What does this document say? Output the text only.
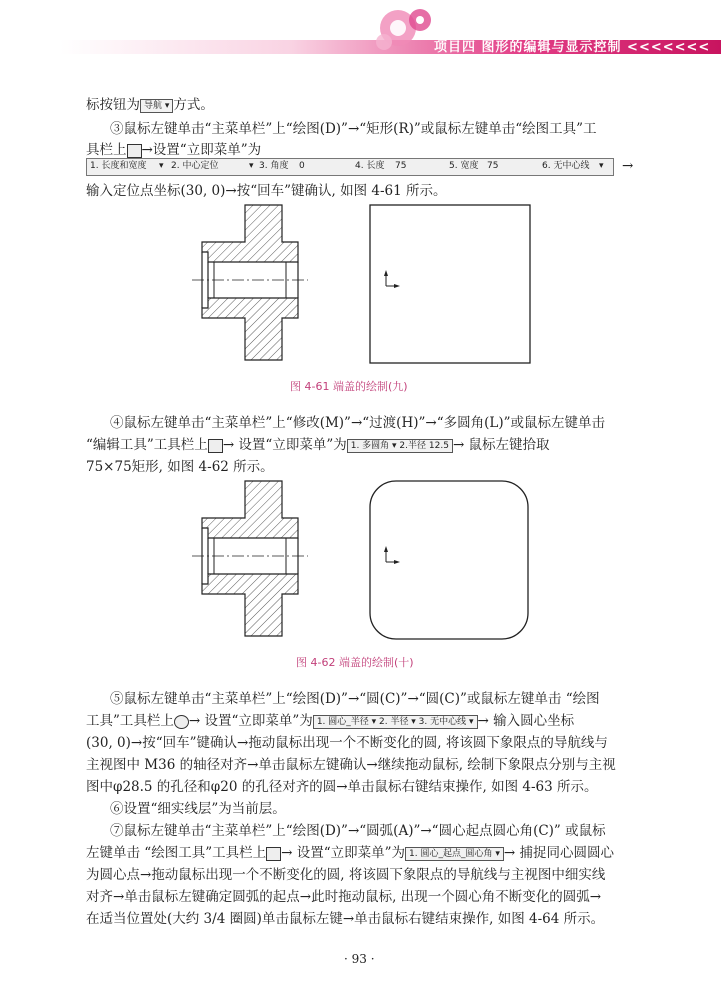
项目四 图形的编辑与显示控制 <<<<<<<

标按钮为 导航 ▾ 方式。

③鼠标左键单击“主菜单栏”上“绘图(D)”→“矩形(R)”或鼠标左键单击“绘图工具”工

具栏上 →设置“立即菜单”为

1. 长度和宽度 ▾ 2. 中心定位	▾ 3. 角度 0	4. 长度 75	5. 宽度 75	6. 无中心线 ▾ →

输入定位点坐标(30, 0)→按“回车”键确认, 如图 4-61 所示。

图 4-61 端盖的绘制(九)

④鼠标左键单击“主菜单栏”上“修改(M)”→“过渡(H)”→“多圆角(L)”或鼠标左键单击

“编辑工具”工具栏上 → 设置“立即菜单”为 1. 多圆角 ▾ 2.半径 12.5 → 鼠标左键拾取

75×75矩形, 如图 4-62 所示。

图 4-62 端盖的绘制(十)

⑤鼠标左键单击“主菜单栏”上“绘图(D)”→“圆(C)”→“圆(C)”或鼠标左键单击 “绘图

工具”工具栏上 → 设置“立即菜单”为 1. 圆心_半径 ▾ 2. 半径 ▾ 3. 无中心线 ▾ → 输入圆心坐标

(30, 0)→按“回车”键确认→拖动鼠标出现一个不断变化的圆, 将该圆下象限点的导航线与

主视图中 M36 的轴径对齐→单击鼠标左键确认→继续拖动鼠标, 绘制下象限点分别与主视

图中φ28.5 的孔径和φ20 的孔径对齐的圆→单击鼠标右键结束操作, 如图 4-63 所示。

⑥设置“细实线层”为当前层。

⑦鼠标左键单击“主菜单栏”上“绘图(D)”→“圆弧(A)”→“圆心起点圆心角(C)” 或鼠标

左键单击 “绘图工具”工具栏上 → 设置“立即菜单”为 1. 圆心_起点_圆心角 ▾ → 捕捉同心圆圆心

为圆心点→拖动鼠标出现一个不断变化的圆, 将该圆下象限点的导航线与主视图中细实线

对齐→单击鼠标左键确定圆弧的起点→此时拖动鼠标, 出现一个圆心角不断变化的圆弧→

在适当位置处(大约 3/4 圈圆)单击鼠标左键→单击鼠标右键结束操作, 如图 4-64 所示。

· 93 ·
